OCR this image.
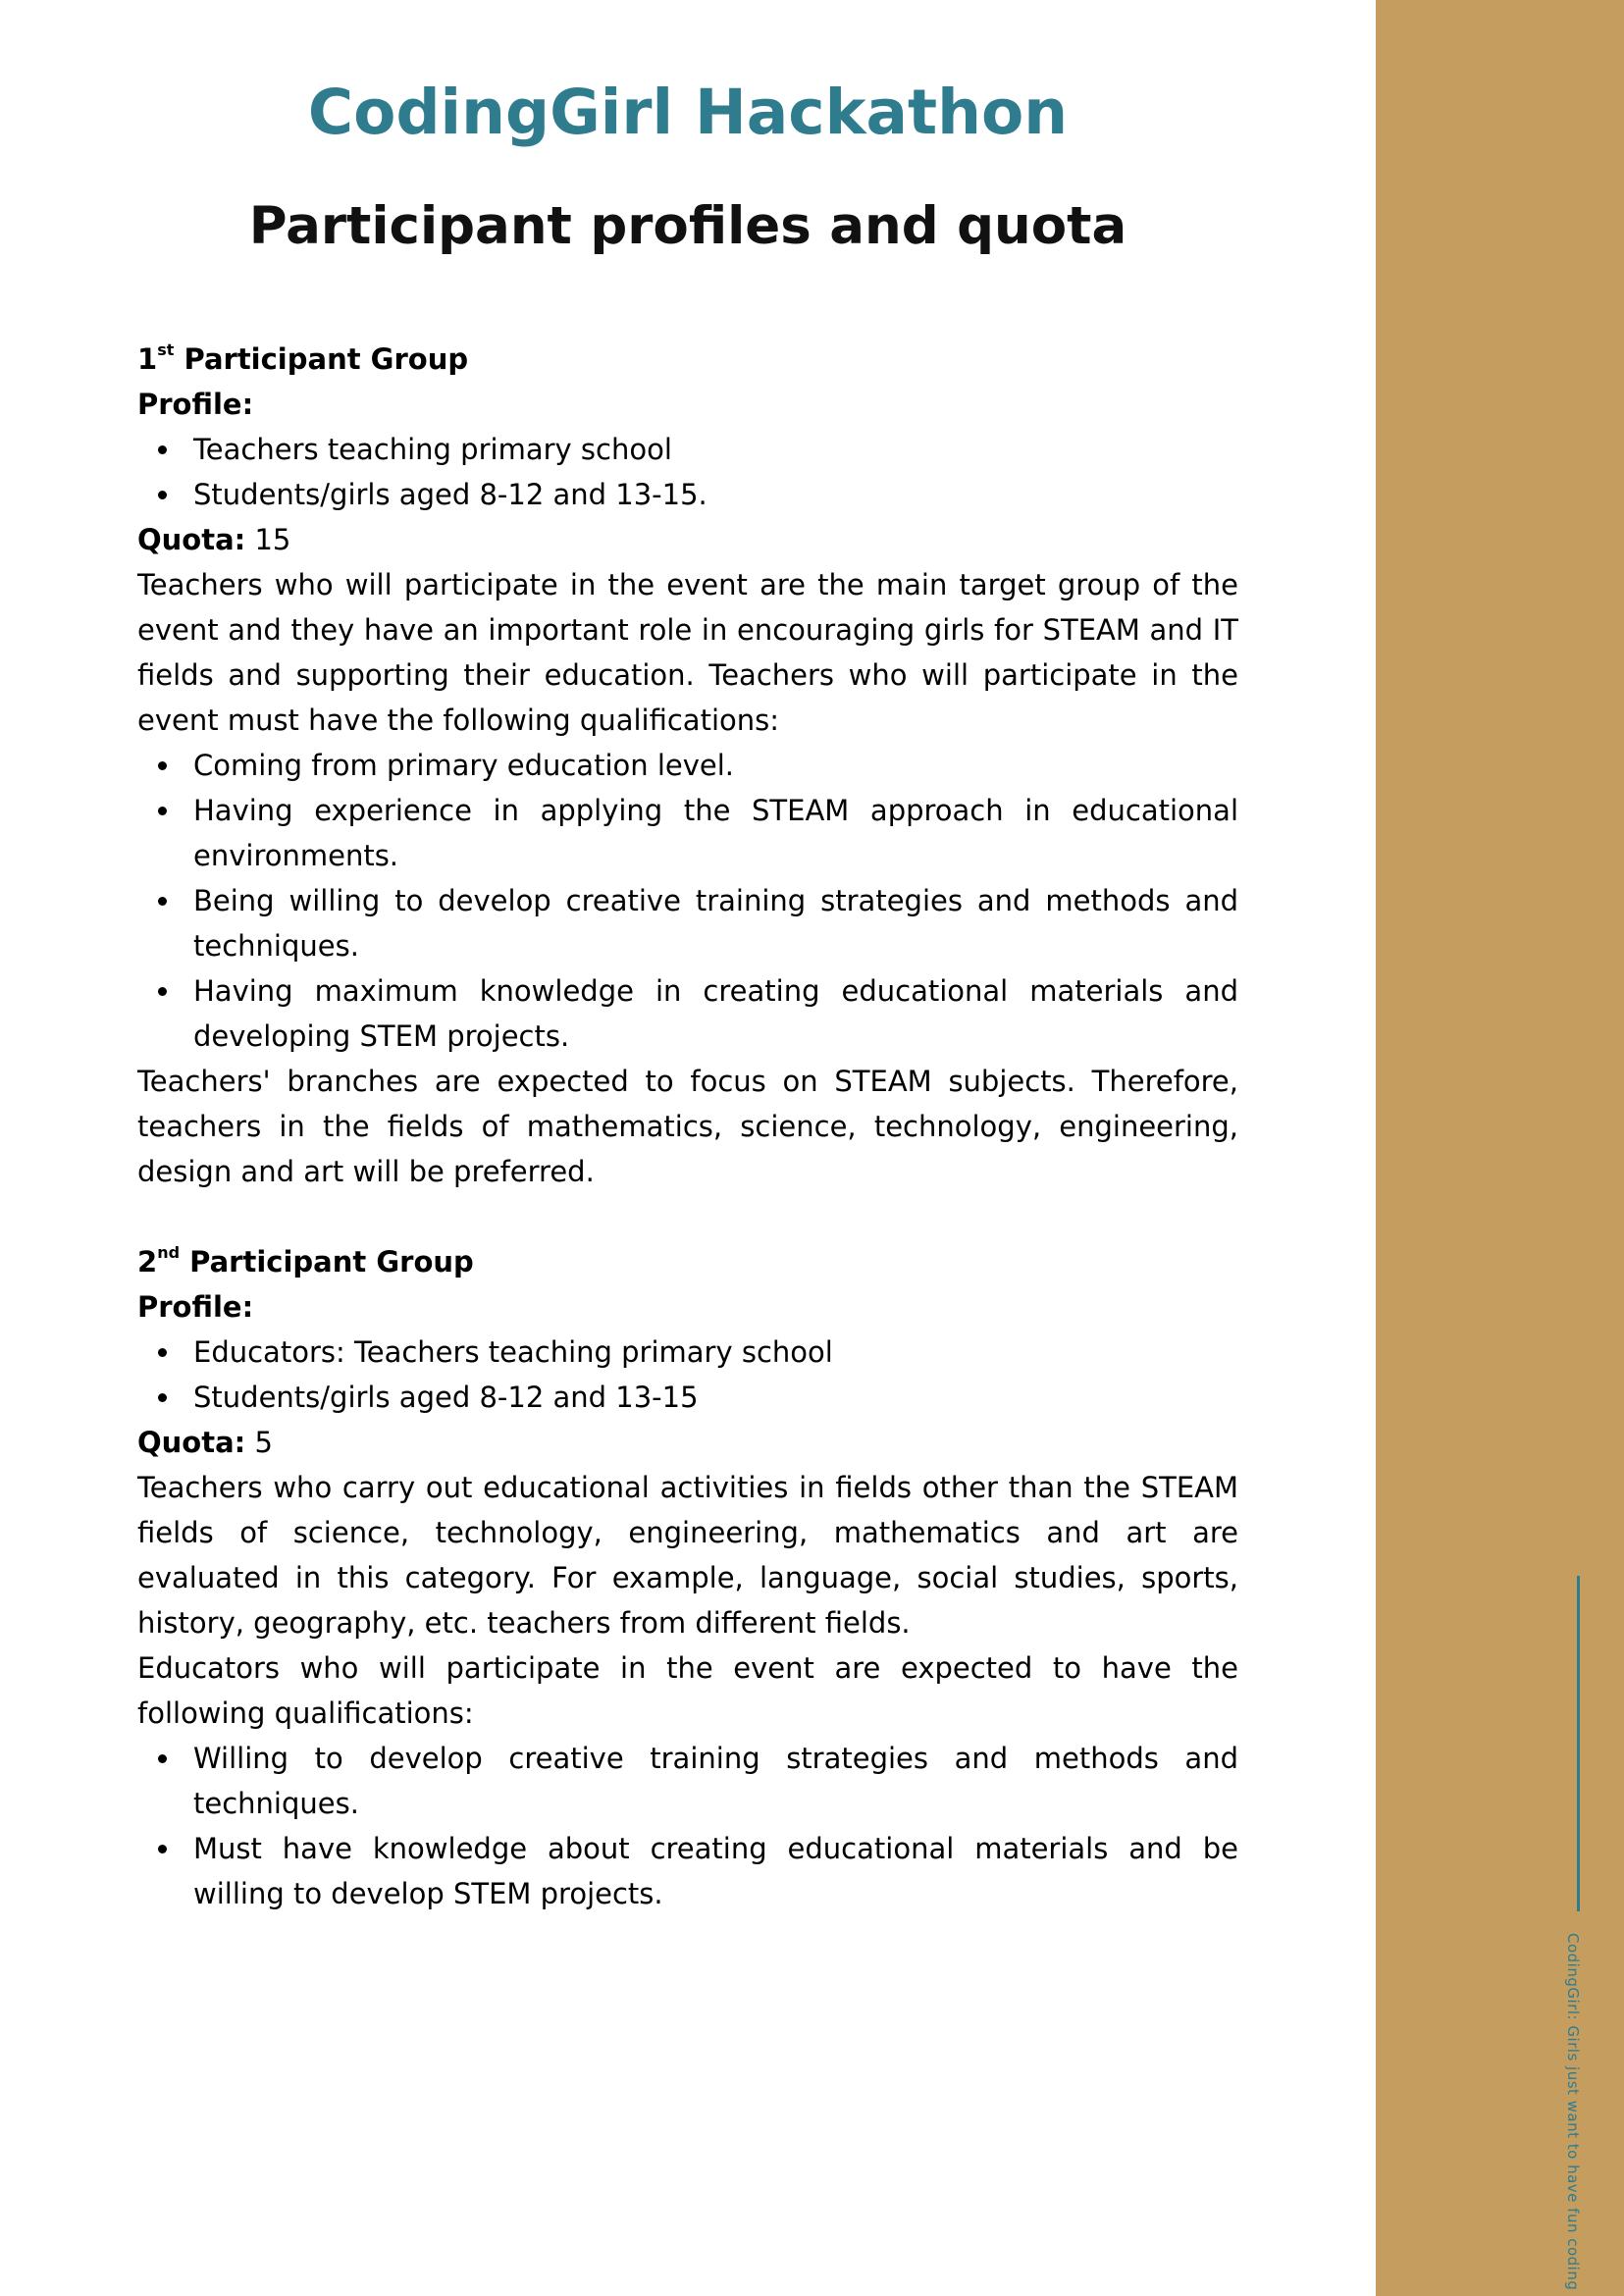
CodingGirl Hackathon
Participant profiles and quota

1st Participant Group

Profile:

Teachers teaching primary school
Students/girls aged 8-12 and 13-15.

Quota: 15

Teachers who will participate in the event are the main target group of the event and they have an important role in encouraging girls for STEAM and IT fields and supporting their education. Teachers who will participate in the event must have the following qualifications:

Coming from primary education level.
Having experience in applying the STEAM approach in educational environments.
Being willing to develop creative training strategies and methods and techniques.
Having maximum knowledge in creating educational materials and developing STEM projects.

Teachers' branches are expected to focus on STEAM subjects. Therefore, teachers in the fields of mathematics, science, technology, engineering, design and art will be preferred.

2nd Participant Group

Profile:

Educators: Teachers teaching primary school
Students/girls aged 8-12 and 13-15

Quota: 5

Teachers who carry out educational activities in fields other than the STEAM fields of science, technology, engineering, mathematics and art are evaluated in this category. For example, language, social studies, sports, history, geography, etc. teachers from different fields.

Educators who will participate in the event are expected to have the following qualifications:

Willing to develop creative training strategies and methods and techniques.
Must have knowledge about creating educational materials and be willing to develop STEM projects.
CodingGirl: Girls just want to have fun coding
